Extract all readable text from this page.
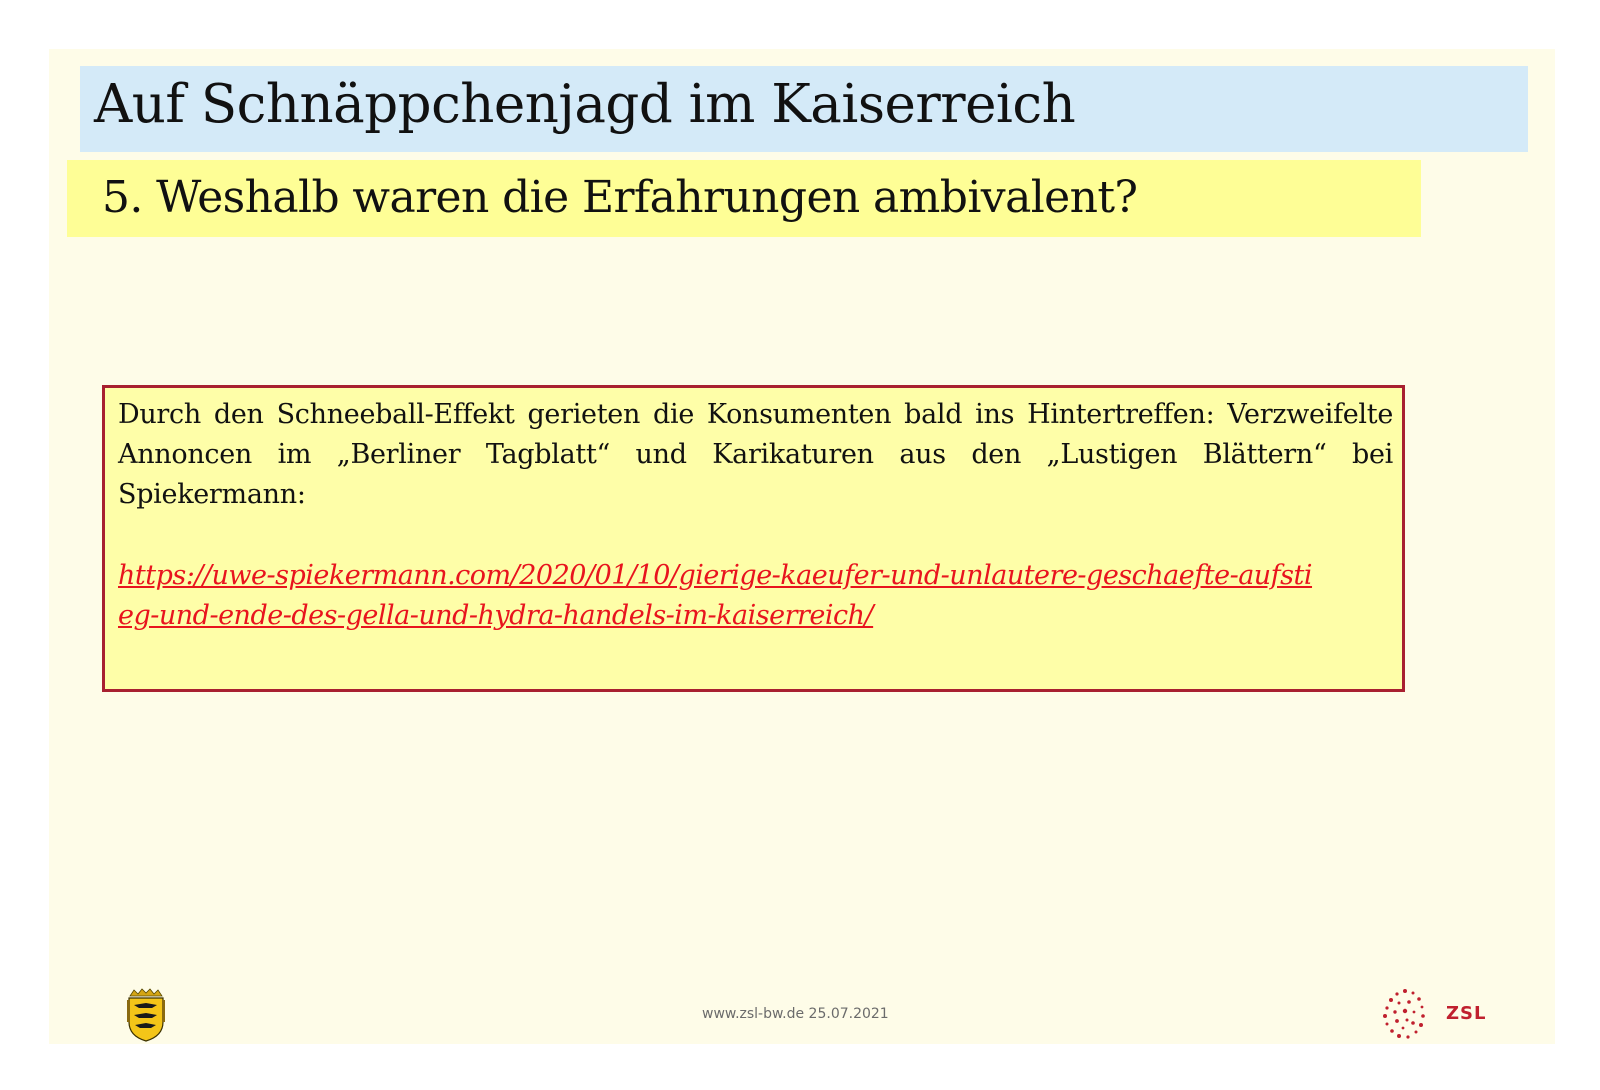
Auf Schnäppchenjagd im Kaiserreich
5. Weshalb waren die Erfahrungen ambivalent?
Durch den Schneeball-Effekt gerieten die Konsumenten bald ins Hintertreffen: Verzweifelte Annoncen im „Berliner Tagblatt“ und Karikaturen aus den „Lustigen Blättern“ bei Spiekermann:
https://uwe-spiekermann.com/2020/01/10/gierige-kaeufer-und-unlautere-geschaefte-aufstieg-und-ende-des-gella-und-hydra-handels-im-kaiserreich/
www.zsl-bw.de 25.07.2021	ZSL
